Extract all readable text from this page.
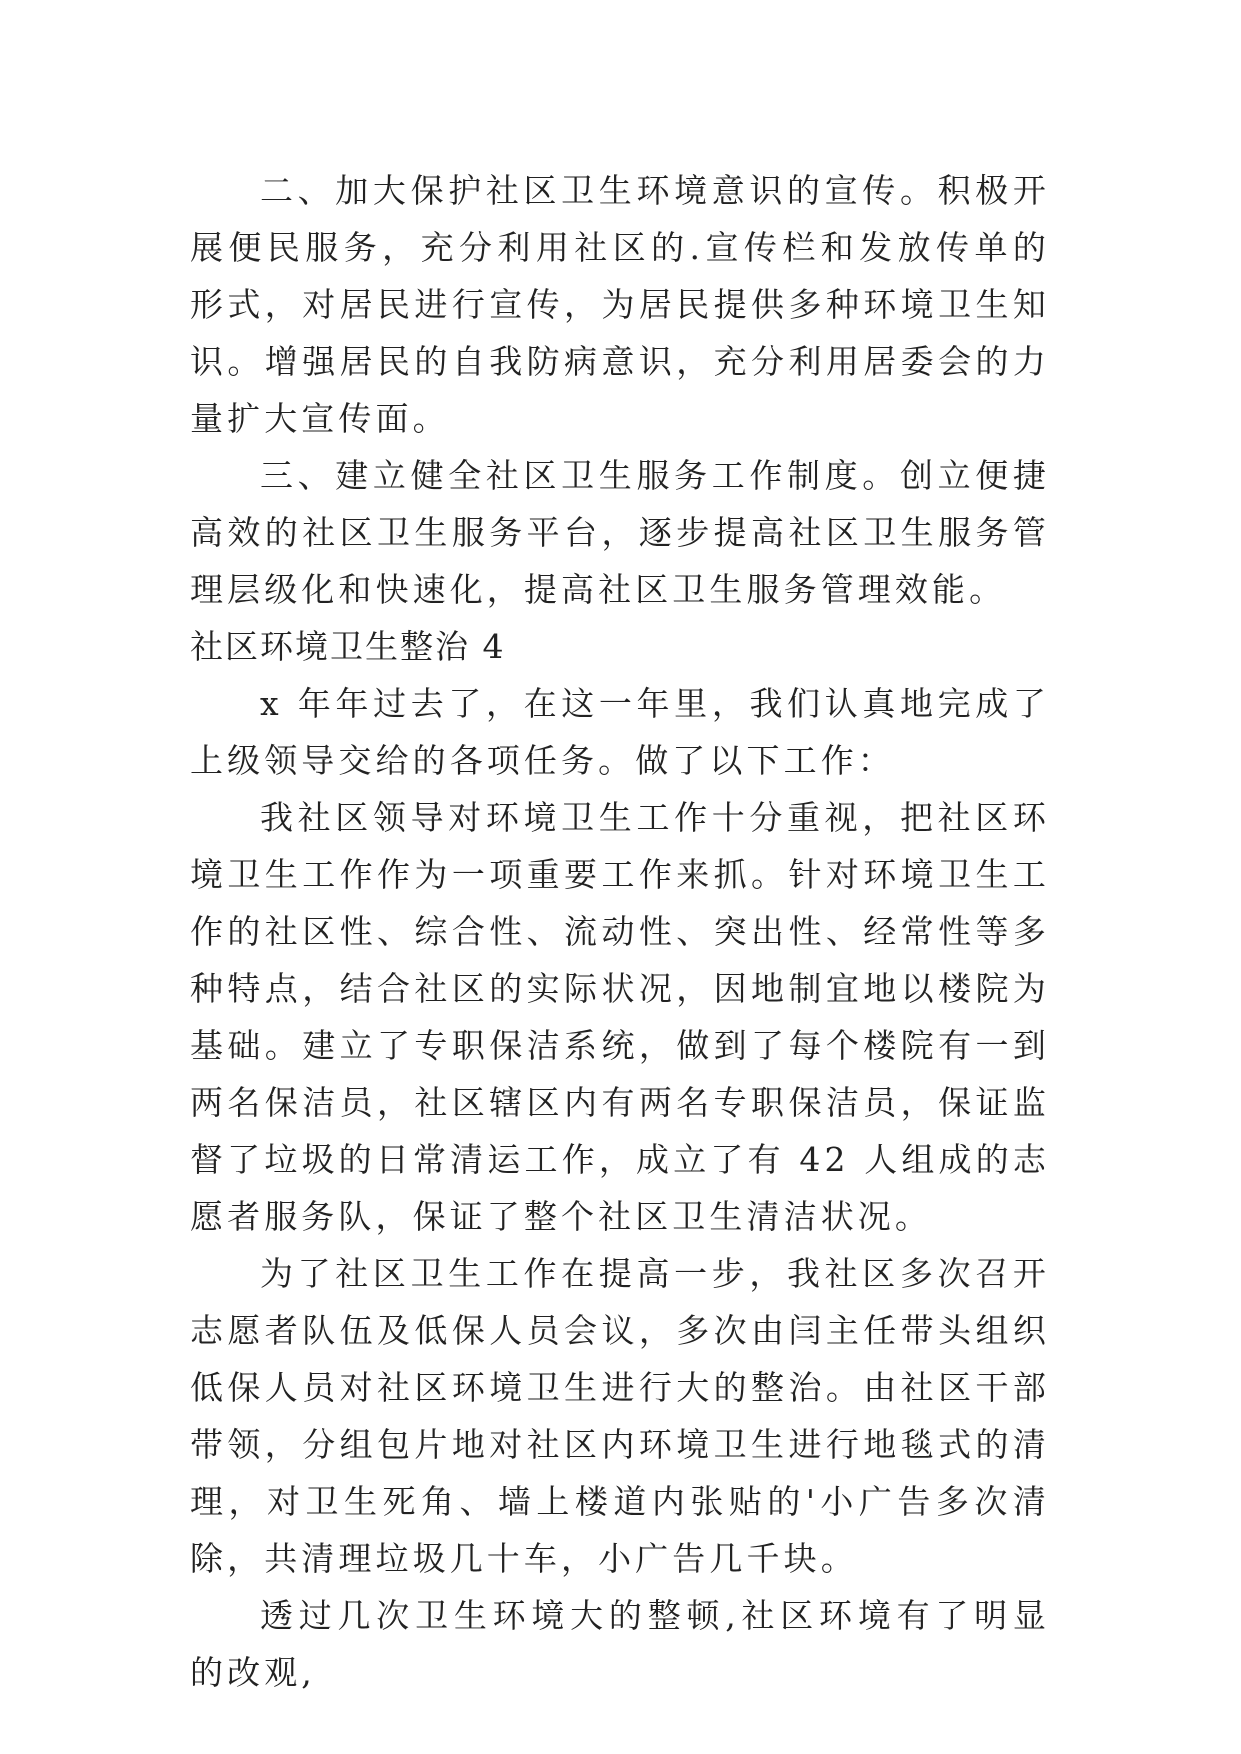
二、加大保护社区卫生环境意识的宣传。积极开展便民服务，充分利用社区的.宣传栏和发放传单的形式，对居民进行宣传，为居民提供多种环境卫生知识。增强居民的自我防病意识，充分利用居委会的力量扩大宣传面。

三、建立健全社区卫生服务工作制度。创立便捷高效的社区卫生服务平台，逐步提高社区卫生服务管理层级化和快速化，提高社区卫生服务管理效能。

社区环境卫生整治 4

x 年年过去了，在这一年里，我们认真地完成了上级领导交给的各项任务。做了以下工作：

我社区领导对环境卫生工作十分重视，把社区环境卫生工作作为一项重要工作来抓。针对环境卫生工作的社区性、综合性、流动性、突出性、经常性等多种特点，结合社区的实际状况，因地制宜地以楼院为基础。建立了专职保洁系统，做到了每个楼院有一到两名保洁员，社区辖区内有两名专职保洁员，保证监督了垃圾的日常清运工作，成立了有 42 人组成的志愿者服务队，保证了整个社区卫生清洁状况。

为了社区卫生工作在提高一步，我社区多次召开志愿者队伍及低保人员会议，多次由闫主任带头组织低保人员对社区环境卫生进行大的整治。由社区干部带领，分组包片地对社区内环境卫生进行地毯式的清理，对卫生死角、墙上楼道内张贴的'小广告多次清除，共清理垃圾几十车，小广告几千块。

透过几次卫生环境大的整顿,社区环境有了明显的改观,
